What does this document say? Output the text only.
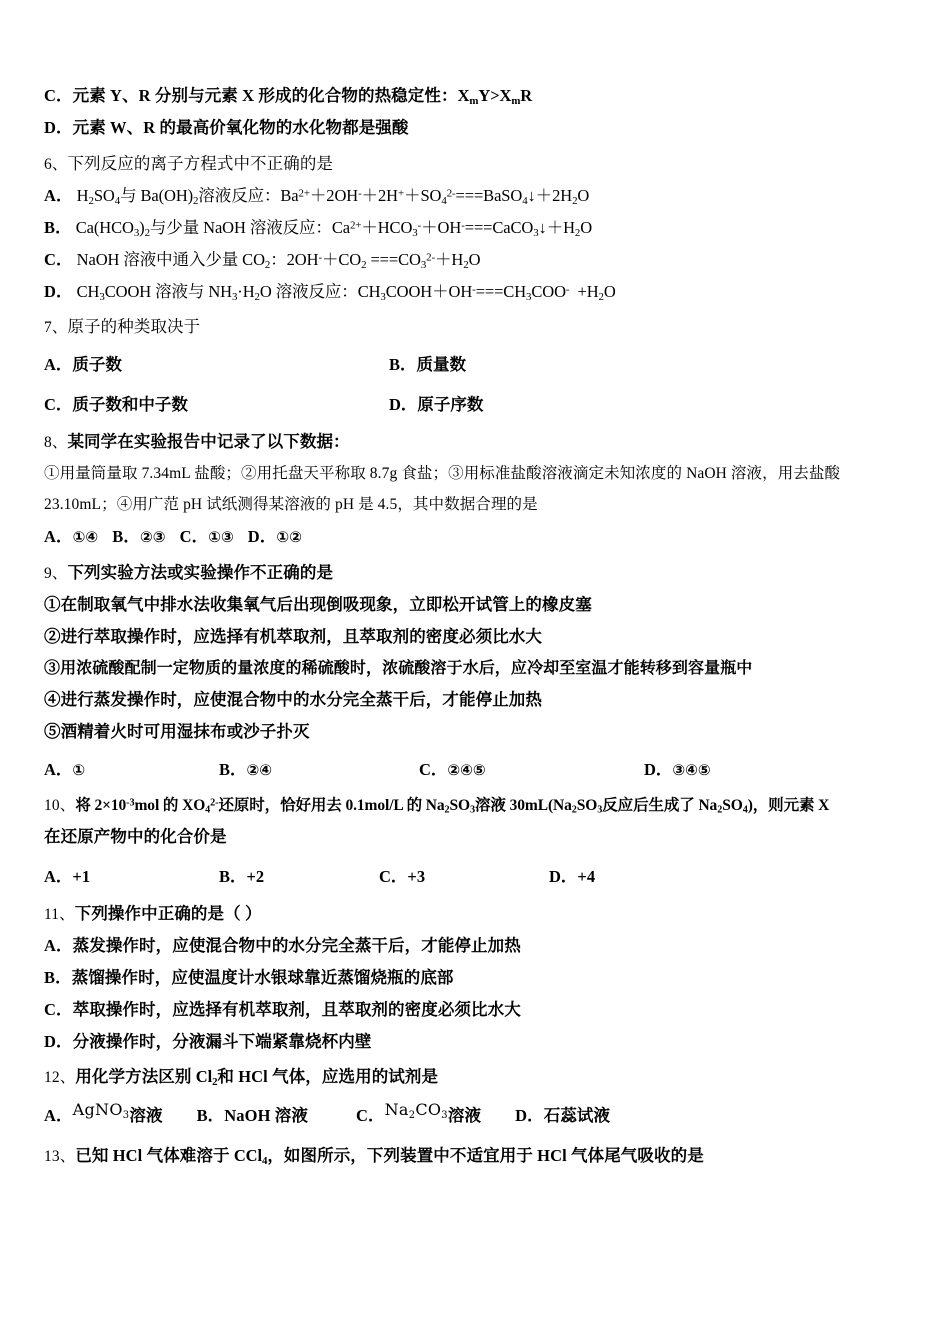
C．元素 Y、R 分别与元素 X 形成的化合物的热稳定性：$X_mY>X_mR$
D．元素 W、R 的最高价氧化物的水化物都是强酸
6、下列反应的离子方程式中不正确的是
A． $H_2SO_4$与 $Ba(OH)_2$溶液反应：$Ba^{2+}+2OH^-+2H^++SO_4^{2-}===BaSO_4↓+2H_2O$
B． $Ca(HCO_3)_2$与少量 NaOH 溶液反应：$Ca^{2+}+HCO_3^-+OH^-===CaCO_3↓+H_2O$
C． NaOH 溶液中通入少量 $CO_2$：$2OH^-+CO_2 ===CO_3^{2-}+H_2O$
D． $CH_3COOH$ 溶液与 $NH_3\cdot H_2O$ 溶液反应：$CH_3COOH+OH^-===CH_3COO^- +H_2O$
7、原子的种类取决于
A．质子数	B．质量数
C．质子数和中子数	D．原子序数
8、某同学在实验报告中记录了以下数据：
①用量筒量取 7.34mL 盐酸；②用托盘天平称取 8.7g 食盐；③用标准盐酸溶液滴定未知浓度的 NaOH 溶液，用去盐酸
23.10mL；④用广范 pH 试纸测得某溶液的 pH 是 4.5，其中数据合理的是
A．①④ B．②③ C．①③ D．①②
9、下列实验方法或实验操作不正确的是
①在制取氧气中排水法收集氧气后出现倒吸现象，立即松开试管上的橡皮塞
②进行萃取操作时，应选择有机萃取剂，且萃取剂的密度必须比水大
③用浓硫酸配制一定物质的量浓度的稀硫酸时，浓硫酸溶于水后，应冷却至室温才能转移到容量瓶中
④进行蒸发操作时，应使混合物中的水分完全蒸干后，才能停止加热
⑤酒精着火时可用湿抹布或沙子扑灭
A．①	B．②④	C．②④⑤	D．③④⑤
10、将 $2\times 10^{-3}mol$ 的 $XO_4^{2-}$还原时，恰好用去 0.1mol/L 的 $Na_2SO_3$溶液 $30mL(Na_2SO_3$反应后生成了 $Na_2SO_4$)，则元素 X
在还原产物中的化合价是
A．+1	B．+2	C．+3	D．+4
11、下列操作中正确的是（ ）
A．蒸发操作时，应使混合物中的水分完全蒸干后，才能停止加热
B．蒸馏操作时，应使温度计水银球靠近蒸馏烧瓶的底部
C．萃取操作时，应选择有机萃取剂，且萃取剂的密度必须比水大
D．分液操作时，分液漏斗下端紧靠烧杯内壁
12、用化学方法区别 $Cl_2$和 HCl 气体，应选用的试剂是
A．AgNO$_3$溶液 B．NaOH 溶液	C．$Na_2CO_3$溶液 D．石蕊试液
13、已知 HCl 气体难溶于 CCl$_4$，如图所示，下列装置中不适宜用于 HCl 气体尾气吸收的是
